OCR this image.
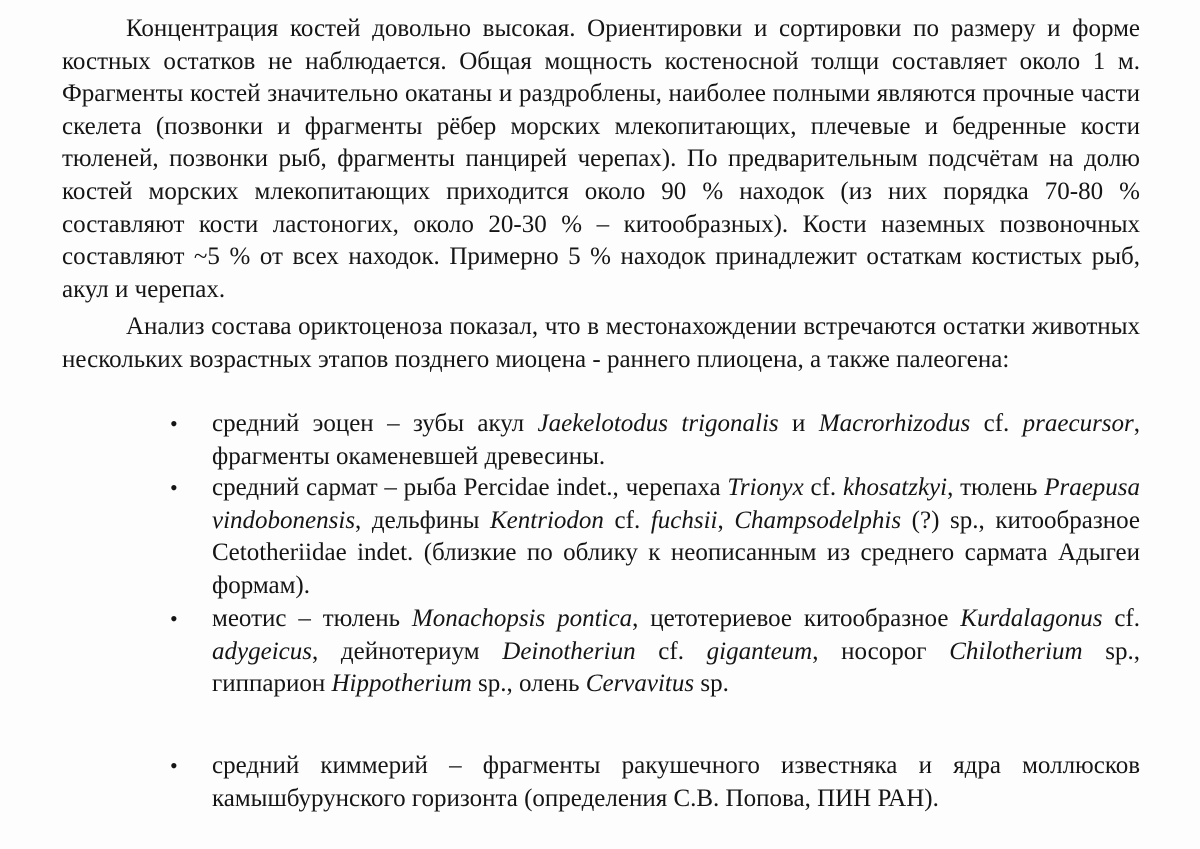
Концентрация костей довольно высокая. Ориентировки и сортировки по размеру и форме костных остатков не наблюдается. Общая мощность костеносной толщи составляет около 1 м. Фрагменты костей значительно окатаны и раздроблены, наиболее полными являются прочные части скелета (позвонки и фрагменты рёбер морских млекопитающих, плечевые и бедренные кости тюленей, позвонки рыб, фрагменты панцирей черепах). По предварительным подсчётам на долю костей морских млекопитающих приходится около 90 % находок (из них порядка 70-80 % составляют кости ластоногих, около 20-30 % – китообразных). Кости наземных позвоночных составляют ~5 % от всех находок. Примерно 5 % находок принадлежит остаткам костистых рыб, акул и черепах.

Анализ состава ориктоценоза показал, что в местонахождении встречаются остатки животных нескольких возрастных этапов позднего миоцена - раннего плиоцена, а также палеогена:

• средний эоцен – зубы акул Jaekelotodus trigonalis и Macrorhizodus cf. praecursor, фрагменты окаменевшей древесины.
• средний сармат – рыба Percidae indet., черепаха Trionyx cf. khosatzkyi, тюлень Praepusa vindobonensis, дельфины Kentriodon cf. fuchsii, Champsodelphis (?) sp., китообразное Cetotheriidae indet. (близкие по облику к неописанным из среднего сармата Адыгеи формам).
• меотис – тюлень Monachopsis pontica, цетотериевое китообразное Kurdalagonus cf. adygeicus, дейнотериум Deinotheriun cf. giganteum, носорог Chilotherium sp., гиппарион Hippotherium sp., олень Cervavitus sp.
• средний киммерий – фрагменты ракушечного известняка и ядра моллюсков камышбурунского горизонта (определения С.В. Попова, ПИН РАН).
